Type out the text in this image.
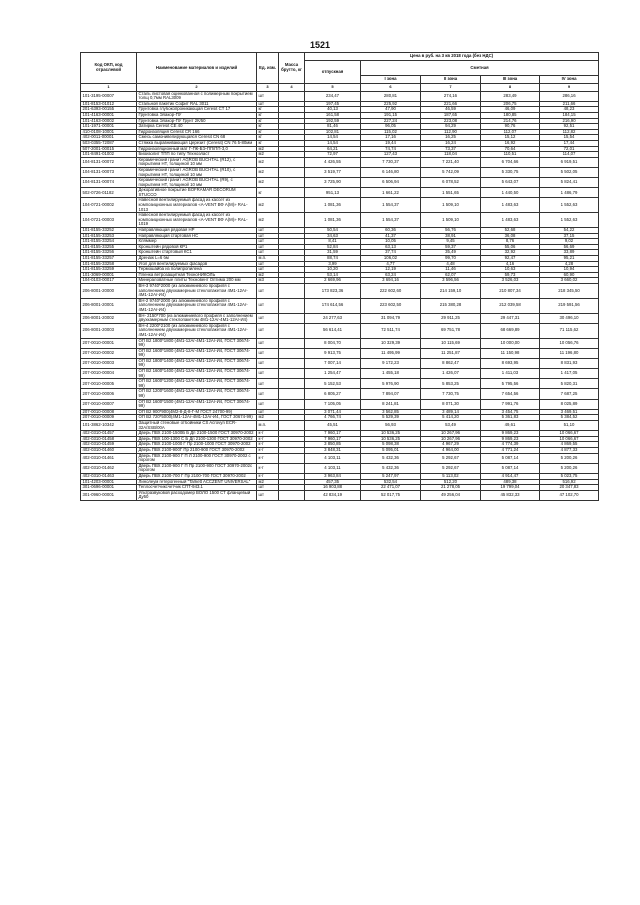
1521
Код ОКП, код отраслевой	Наименование материалов и изделий	Ед. изм.	Масса брутто, кг	Цена в руб. на 3 кв 2018 года (без НДС)				
				отпускная	Сметная			
					I зона	II зона	III зона	IV зона
1	2	3	4	5	6	7	8	9
101-3195-00007	Сталь листовая оцинкованная с полимерным покрытием толщ 0,7мм RAL3009	шт		234,47	280,81	274,16	283,49	286,16
101-8153-01012	Стальной пакетик Софит RAL 3011	шт		197,45	225,92	221,66	206,75	211,66
201-6393-00155	Грунтовка глубокопроникающая Ceresit CT 17	кг		40,13	47,90	46,59	46,09	48,23
101-4163-00001	Грунтовка Элакор-ПУ	кг		161,58	191,15	187,65	180,85	184,15
101-4163-00002	Грунтовка Элакор-ПУ Грунт 2К/50	кг		192,59	227,24	223,08	214,76	216,90
101-1971-00001	Затирка Ceresit CE 40	кг		81,46	96,05	94,29	90,76	92,51
410-0108-10001	Гидроизоляция Ceresit CR 166	кг		102,81	115,02	112,90	112,07	112,82
402-0011-00001	Смесь самонивелирующаяся Ceresit CN 68	кг		14,54	17,16	16,25	15,12	15,54
503-0355-72087	Стяжка выравнивающая Церезит (Ceresit) CN 76 5-80мм	кг		14,54	19,44	16,24	16,92	17,44
507-2001-00015	Гидроизоляционный мат Г-ПК-БЭ-ПП/ПП-3,0	м2		64,21	74,74	73,37	70,64	72,01
101-8491-01002	Биоизолит ТПП по типу Техноэласт	м2		72,97	127,43	118,04	110,51	114,07
104-8131-00072	Керамический гранит AGROB BUCHTAL (R12), с покрытием HT, толщиной 10 мм	м2		4 426,55	7 730,37	7 221,40	6 704,66	6 919,51
104-8131-00073	Керамический гранит AGROB BUCHTAL (R10), с покрытием HT, толщиной 10 мм	м2		3 519,77	6 146,80	5 742,09	5 330,75	5 502,05
104-8131-00074	Керамический гранит AGROB BUCHTAL (R9), с покрытием HT, толщиной 10 мм	м2		3 725,90	6 506,94	6 078,52	5 643,07	5 824,41
502-0726-01182	Декоративное покрытие BOFRAMAR DECORUM STUCCO	кг		951,13	1 661,22	1 551,65	1 440,50	1 486,79
104-0721-00002	Навесной вентилируемый фасад из кассет из композиционных материалов «A-VENT ВФ А(М)» RAL-1013	м2		1 081,36	1 554,37	1 509,10	1 483,63	1 552,63
104-0721-00003	Навесной вентилируемый фасад из кассет из композиционных материалов «A-VENT ВФ А(М)» RAL-1019	м2		1 081,36	1 554,37	1 509,10	1 483,63	1 552,63
101-8155-33252	Направляющая рядовая НР	шт		50,54	60,36	56,76	52,68	54,22
101-8155-33253	Направляющая стартовая НС	шт		34,63	41,37	38,91	36,08	37,15
101-8155-33254	Кляммер	шт		8,41	10,05	9,45	8,76	9,02
101-8155-33255	Кронштейн рядовой КР1	шт		52,84	63,13	59,37	55,06	56,69
101-8155-33256	Кронштейн стартовый КС1	шт		31,59	37,74	35,49	32,92	33,89
101-8155-33257	Дренаж L=6 бм	м.п.		88,74	106,02	99,70	92,47	95,21
101-8155-33258	Угол для вентилируемых фасадов	шт		3,99	4,77	4,48	4,16	4,28
101-8155-33259	Термошайба из полипропилена	шт		10,20	12,19	11,46	10,63	10,94
101-3069-00001	Пленка ветрозащитная ТехноНИКОЛЬ	м2		53,14	63,24	62,07	59,73	60,90
104-0103-00017	Минераловатные плиты Техновент Оптима 200 мм	м3		2 669,96	3 694,16	3 596,56	3 526,03	3 660,02
206-8001-20000	ВН-3 9740*2000 (из алюминиевого профиля с заполнением двухкамерным стеклопакетом 4М1-12Ar-4М1-12Ar-И4)	шт		173 823,36	222 602,60	214 159,10	210 807,34	218 345,50
206-8001-20001	ВН-2 9740*2000 (из алюминиевого профиля с заполнением двухкамерным стеклопакетом 4М1-12Ar-4М1-12Ar-И4)	шт		174 614,56	223 602,50	215 380,28	212 039,58	219 591,56
206-8001-20002	ВН- 2150*700 (из алюминиевого профиля с заполнением двухкамерным стеклопакетом 4М1-12Ar-4М1-12Ar-И4)	шт		24 277,63	31 094,79	29 911,25	29 447,31	30 496,10
206-8001-20003	ВН-4 2200*2100 (из алюминиевого профиля с заполнением двухкамерным стеклопакетом 4М1-12Ar-4М1-12Ar-И4)	шт		56 614,41	72 511,74	69 751,78	68 669,89	71 115,62
207-0010-00001	ОП В2 1800*1800 (4М1-12Ar-4М1-12Ar-И4, ГОСТ 30674-99)	шт		8 004,70	10 329,39	10 115,69	10 000,00	10 056,76
207-0010-00002	ОП В2 1600*1800 (4М1-12Ar-4М1-12Ar-И4, ГОСТ 30674-99)	шт		9 913,75	11 495,99	11 251,87	11 150,98	11 196,80
207-0010-00003	ОП В2 1800*1400 (4М1-12Ar-4М1-12Ar-И4, ГОСТ 30674-99)	шт		7 007,14	9 172,23	8 862,47	8 693,95	8 831,93
207-0010-00004	ОП В2 1600*1400 (4М1-12Ar-4М1-12Ar-И4, ГОСТ 30674-99)	шт		1 254,47	1 455,18	1 426,07	1 411,03	1 417,05
207-0010-00005	ОП В2 1600*1200 (4М1-12Ar-4М1-12Ar-И4, ГОСТ 30674-99)	шт		5 152,53	5 976,90	5 853,25	5 795,56	5 820,31
207-0010-00006	ОП В2 1200*1600 (4М1-12Ar-4М1-12Ar-И4, ГОСТ 30674-99)	шт		6 805,27	7 894,07	7 730,75	7 654,56	7 687,25
207-0010-00007	ОП В2 1600*1500 (4М1-12Ar-4М1-12Ar-И4, ГОСТ 30674-99)	шт		7 105,05	8 241,81	8 071,30	7 991,76	8 025,89
207-0010-00008	ОП В2 900*900(4М2-8-Д-8-Г-М ГОСТ 24700-99)	шт		3 071,44	3 562,85	3 489,14	3 454,75	3 469,51
207-0010-00009	ОП В2 720*5000(4М1-12Ar-4М1-12Ar-И4, ГОСТ 30674-99)	м2		4 766,74	5 529,39	5 414,20	5 361,83	5 384,52
101-3862-10342	Защитный стеновые отбойники CS Acrovyn ECR-32A/SSB/00A	м.п.		45,51	56,93	53,49	49,61	51,10
402-0310-01457	Дверь ПВХ 2100-1500Б Б Дп 2100-1500 ГОСТ 30970-2002	к-т		7 960,17	10 536,25	10 267,96	9 869,23	10 066,67
402-0310-01458	Дверь ПВХ 100-1300 С Б Дп 2100-1300 ГОСТ 30970-2002	к-т		7 960,17	10 536,25	10 267,96	9 869,23	10 066,67
402-0310-01459	Дверь ПВХ 2100-1000 Г Пр 2100-1000 ГОСТ 30970-2002	к-т		3 850,85	5 098,38	4 967,29	4 774,39	4 869,55
402-0310-01460	Дверь ПВХ 2100-900Г Пр 2100-900 ГОСТ 30970-2002	к-т		3 848,31	5 095,01	4 964,00	4 771,24	4 877,33
402-0310-01461	Дверь ПВХ 2100-900 Г П Л 2100-900 ГОСТ 30970-2002 с порогом	к-т		4 103,11	5 432,36	5 292,67	5 087,14	5 200,26
402-0310-01462	Дверь ПВХ 2100-900 Г П Пр 2100-900 ГОСТ 30970-2002с порогом	к-т		4 103,11	5 432,36	5 292,67	5 087,14	5 200,26
402-0310-01463	Дверь ПВХ 2100-700 Г Пр 2100-700 ГОСТ 30970-2002	к-т		3 963,84	5 247,97	5 113,02	4 914,47	5 023,75
101-4203-00001	Линолеум гетерогенный "Tarkett ACCZENT UNIVERSAL"	м2		457,35	532,54	512,20	489,38	516,92
301-0696-00001	Теплосчетчиксчетчик СПТ-943.1	шт		16 903,88	22 471,07	21 278,05	19 799,04	20 347,83
301-0960-00001	Ультразвуковой расходомер ВОЛО 1500 СТ фланцевый Ду50	шт		42 834,19	52 017,75	49 256,04	45 832,33	47 102,70
